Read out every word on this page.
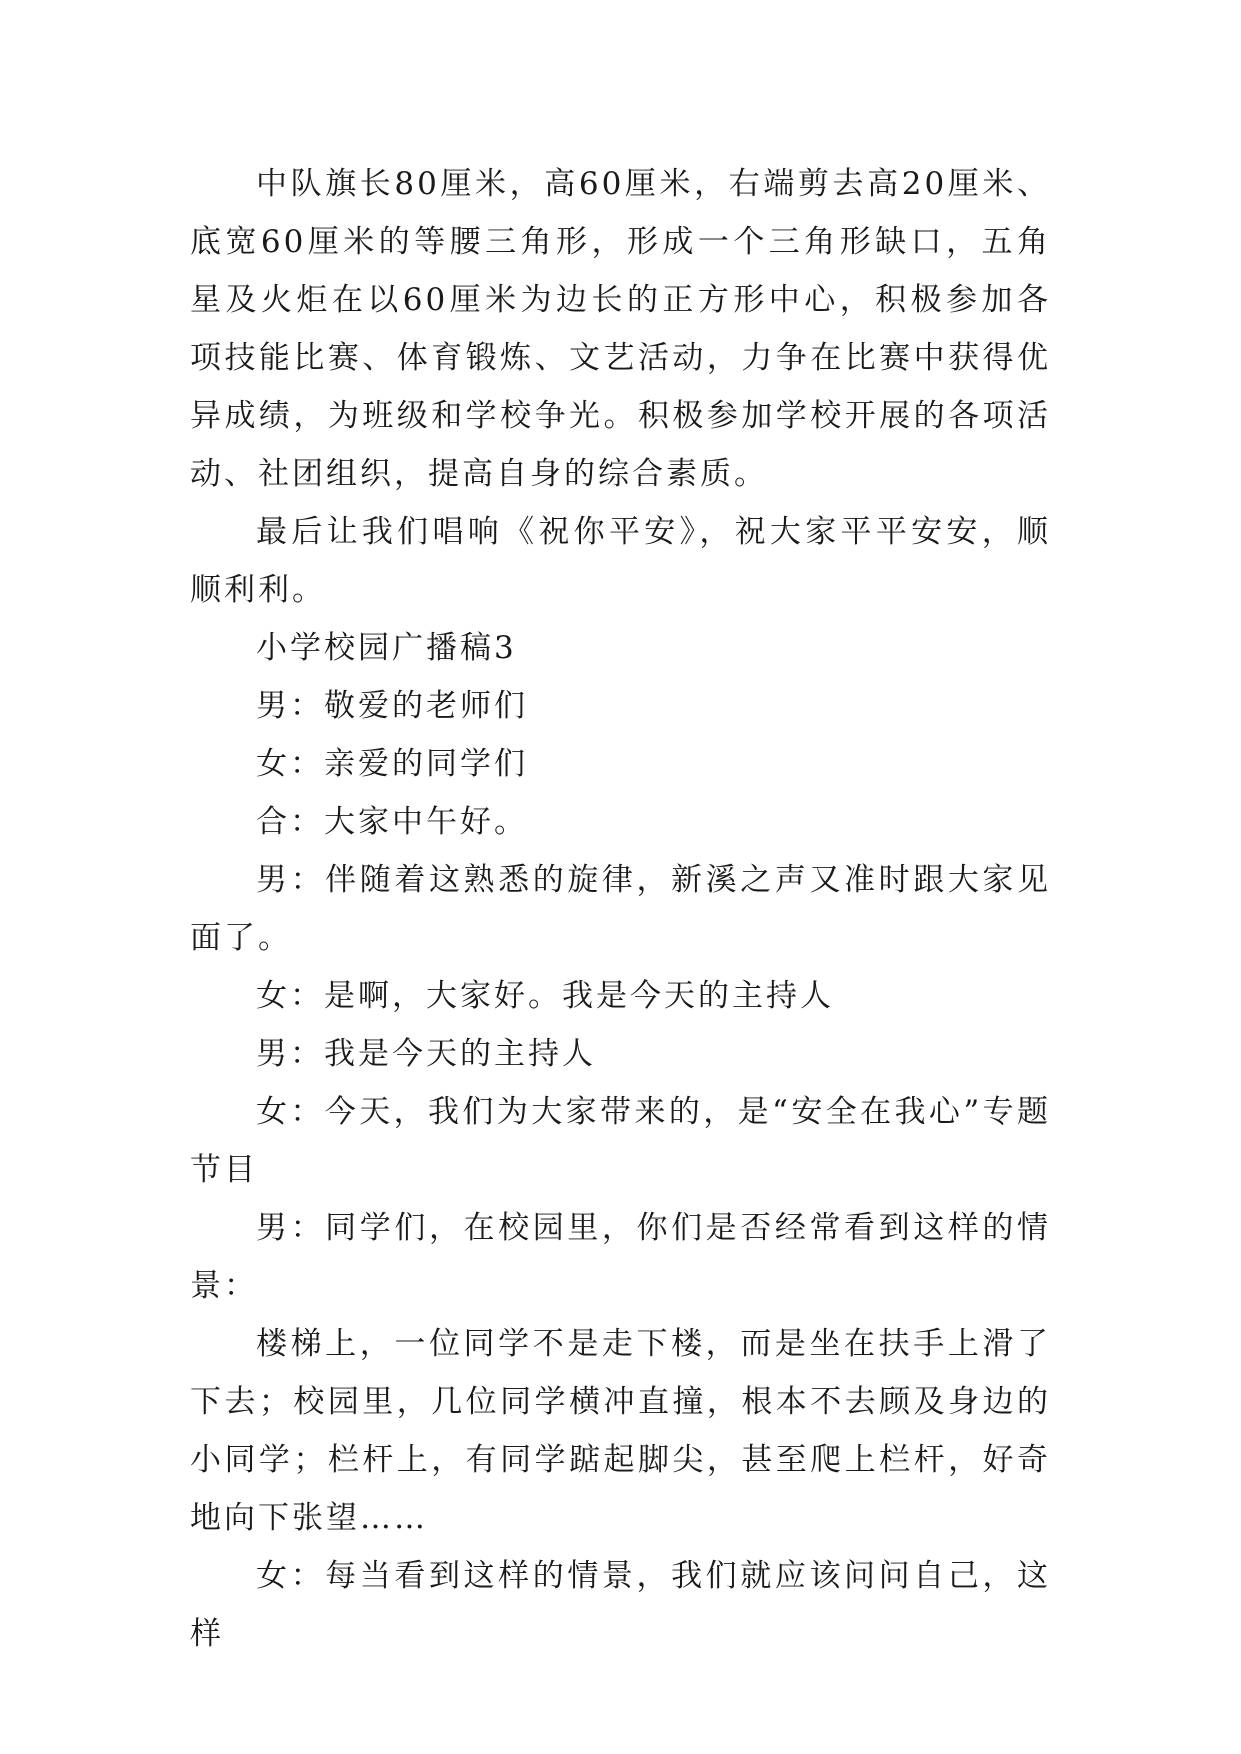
中队旗长80厘米，高60厘米，右端剪去高20厘米、底宽60厘米的等腰三角形，形成一个三角形缺口，五角星及火炬在以60厘米为边长的正方形中心，积极参加各项技能比赛、体育锻炼、文艺活动，力争在比赛中获得优异成绩，为班级和学校争光。积极参加学校开展的各项活动、社团组织，提高自身的综合素质。

最后让我们唱响《祝你平安》，祝大家平平安安，顺顺利利。

小学校园广播稿3

男：敬爱的老师们

女：亲爱的同学们

合：大家中午好。

男：伴随着这熟悉的旋律，新溪之声又准时跟大家见面了。

女：是啊，大家好。我是今天的主持人

男：我是今天的主持人

女：今天，我们为大家带来的，是“安全在我心”专题节目

男：同学们，在校园里，你们是否经常看到这样的情景：

楼梯上，一位同学不是走下楼，而是坐在扶手上滑了下去；校园里，几位同学横冲直撞，根本不去顾及身边的小同学；栏杆上，有同学踮起脚尖，甚至爬上栏杆，好奇地向下张望……

女：每当看到这样的情景，我们就应该问问自己，这样
